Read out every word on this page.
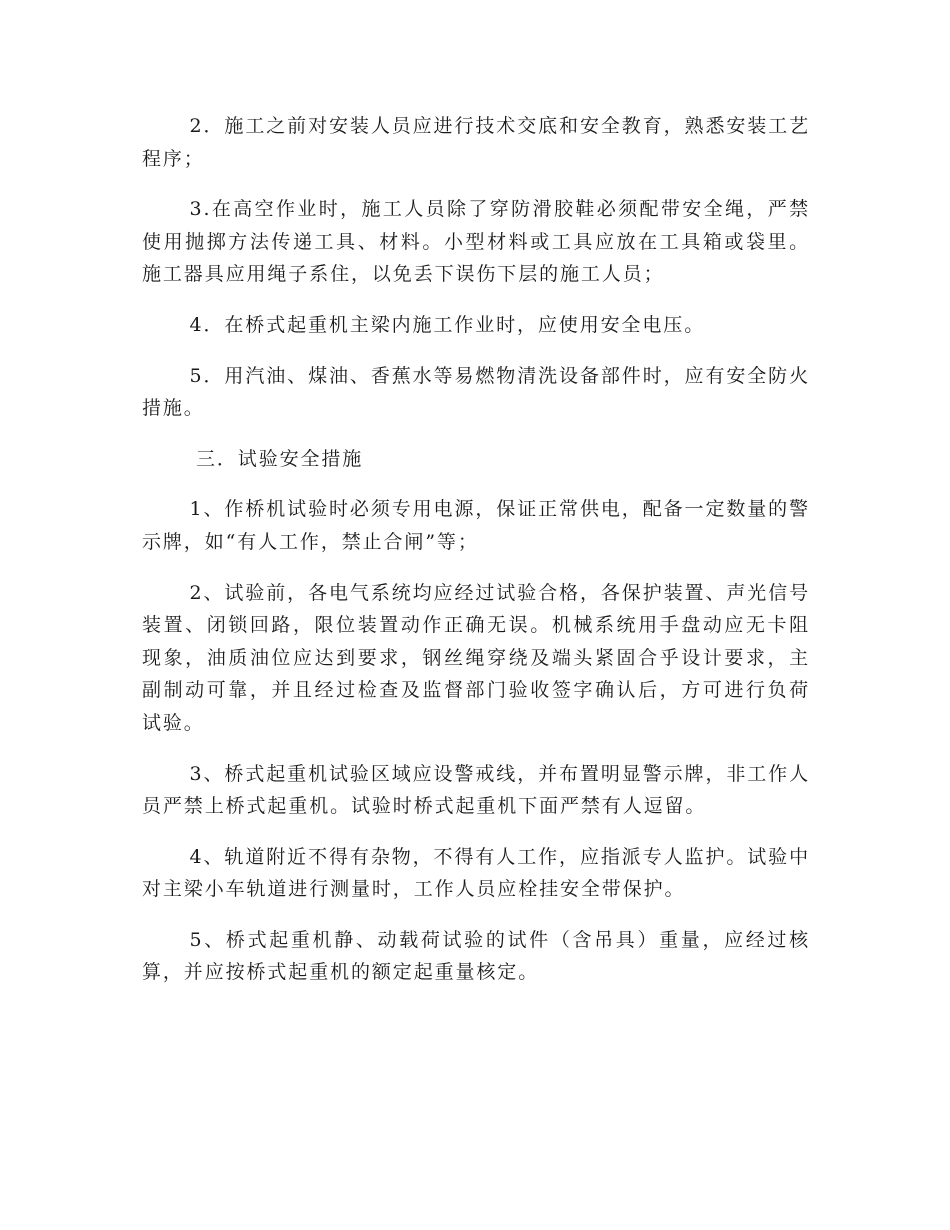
2．施工之前对安装人员应进行技术交底和安全教育，熟悉安装工艺程序；

3.在高空作业时，施工人员除了穿防滑胶鞋必须配带安全绳，严禁使用抛掷方法传递工具、材料。小型材料或工具应放在工具箱或袋里。施工器具应用绳子系住，以免丢下误伤下层的施工人员；

4．在桥式起重机主梁内施工作业时，应使用安全电压。

5．用汽油、煤油、香蕉水等易燃物清洗设备部件时，应有安全防火措施。

三．试验安全措施

1、作桥机试验时必须专用电源，保证正常供电，配备一定数量的警示牌，如“有人工作，禁止合闸”等；

2、试验前，各电气系统均应经过试验合格，各保护装置、声光信号装置、闭锁回路，限位装置动作正确无误。机械系统用手盘动应无卡阻现象，油质油位应达到要求，钢丝绳穿绕及端头紧固合乎设计要求，主副制动可靠，并且经过检查及监督部门验收签字确认后，方可进行负荷试验。

3、桥式起重机试验区域应设警戒线，并布置明显警示牌，非工作人员严禁上桥式起重机。试验时桥式起重机下面严禁有人逗留。

4、轨道附近不得有杂物，不得有人工作，应指派专人监护。试验中对主梁小车轨道进行测量时，工作人员应栓挂安全带保护。

5、桥式起重机静、动载荷试验的试件（含吊具）重量，应经过核算，并应按桥式起重机的额定起重量核定。
